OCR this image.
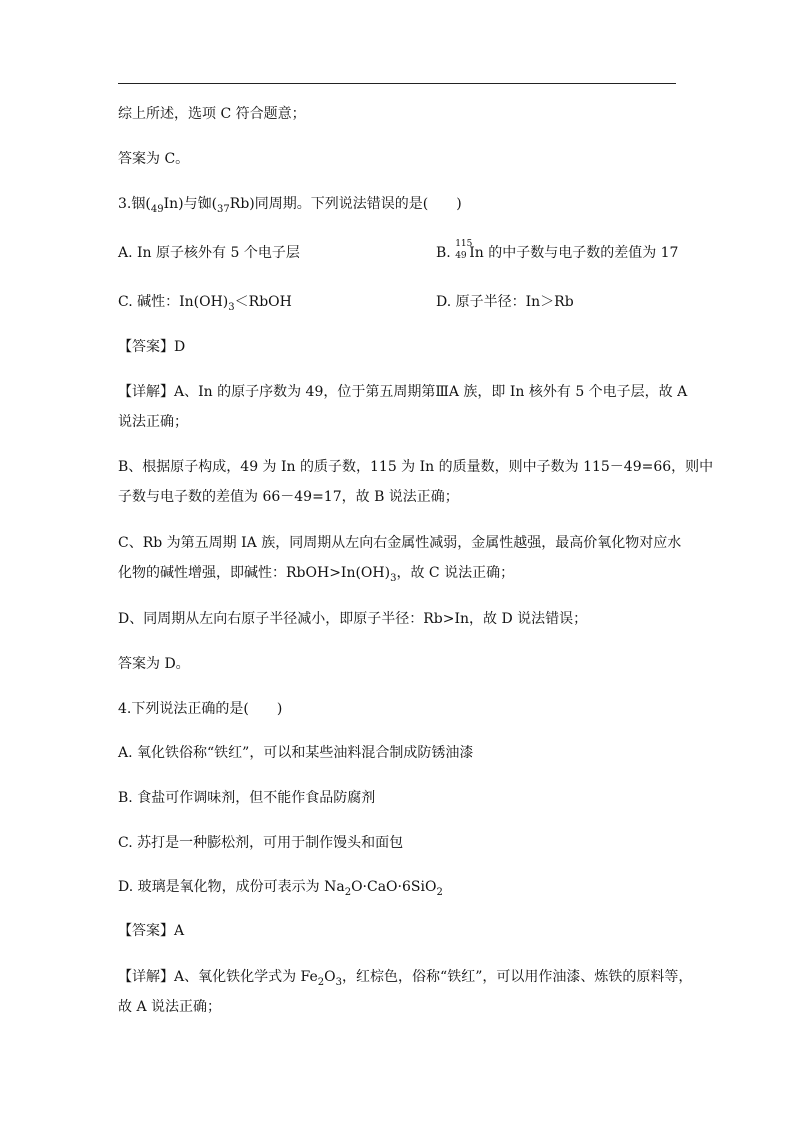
综上所述，选项 C 符合题意；
答案为 C。
3.铟$(_{49}In)$与铷$(_{37}Rb)$同周期。下列说法错误的是(　　)
A. In 原子核外有 5 个电子层	B.
115
49 In 的中子数与电子数的差值为 17
C. 碱性：$In(OH)_3<RbOH$	D. 原子半径：In＞Rb
【答案】D
【详解】A、In 的原子序数为 49，位于第五周期第ⅢA 族，即 In 核外有 5 个电子层，故 A
说法正确；
B、根据原子构成，49 为 In 的质子数，115 为 In 的质量数，则中子数为 115－49=66，则中
子数与电子数的差值为 66－49=17，故 B 说法正确；
C、Rb 为第五周期 IA 族，同周期从左向右金属性减弱，金属性越强，最高价氧化物对应水
化物的碱性增强，即碱性：$RbOH>In(OH)_3$，故 C 说法正确；
D、同周期从左向右原子半径减小，即原子半径：Rb>In，故 D 说法错误；
答案为 D。
4.下列说法正确的是(　　)
A. 氧化铁俗称“铁红”，可以和某些油料混合制成防锈油漆
B. 食盐可作调味剂，但不能作食品防腐剂
C. 苏打是一种膨松剂，可用于制作馒头和面包
D. 玻璃是氧化物，成份可表示为 $Na_2O\cdot CaO\cdot 6SiO_2$
【答案】A
【详解】A、氧化铁化学式为 $Fe_2O_3$，红棕色，俗称“铁红”，可以用作油漆、炼铁的原料等，
故 A 说法正确；
